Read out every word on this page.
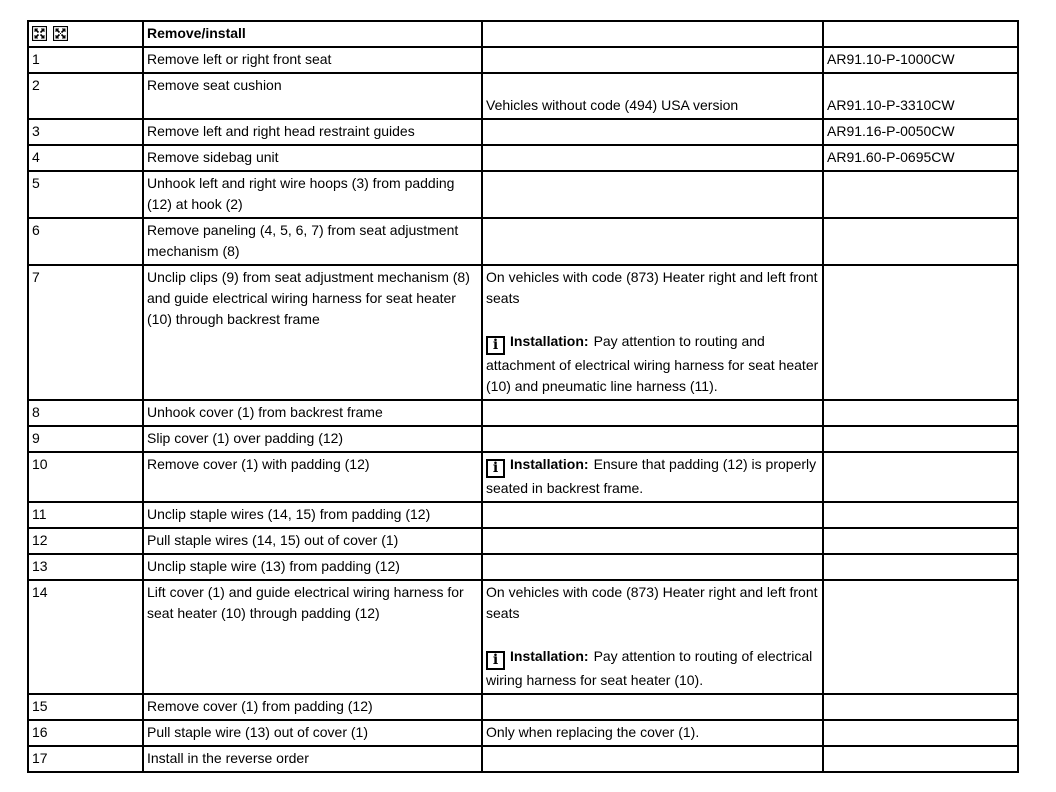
	Remove/install		
1	Remove left or right front seat		AR91.10-P-1000CW

2	Remove seat cushion	Vehicles without code (494) USA version	AR91.10-P-3310CW

3	Remove left and right head restraint guides		AR91.16-P-0050CW

4	Remove sidebag unit		AR91.60-P-0695CW

5	Unhook left and right wire hoops (3) from padding (12) at hook (2)		
6	Remove paneling (4, 5, 6, 7) from seat adjustment mechanism (8)		
7	Unclip clips (9) from seat adjustment mechanism (8) and guide electrical wiring harness for seat heater (10) through backrest frame	On vehicles with code (873) Heater right and left front seats
i Installation: Pay attention to routing and attachment of electrical wiring harness for seat heater (10) and pneumatic line harness (11).	

8	Unhook cover (1) from backrest frame		
9	Slip cover (1) over padding (12)		
10	Remove cover (1) with padding (12)	i Installation: Ensure that padding (12) is properly seated in backrest frame.	

11	Unclip staple wires (14, 15) from padding (12)		
12	Pull staple wires (14, 15) out of cover (1)		
13	Unclip staple wire (13) from padding (12)		
14	Lift cover (1) and guide electrical wiring harness for seat heater (10) through padding (12)	On vehicles with code (873) Heater right and left front seats
i Installation: Pay attention to routing of electrical wiring harness for seat heater (10).	

15	Remove cover (1) from padding (12)		
16	Pull staple wire (13) out of cover (1)	Only when replacing the cover (1).	
17	Install in the reverse order		
